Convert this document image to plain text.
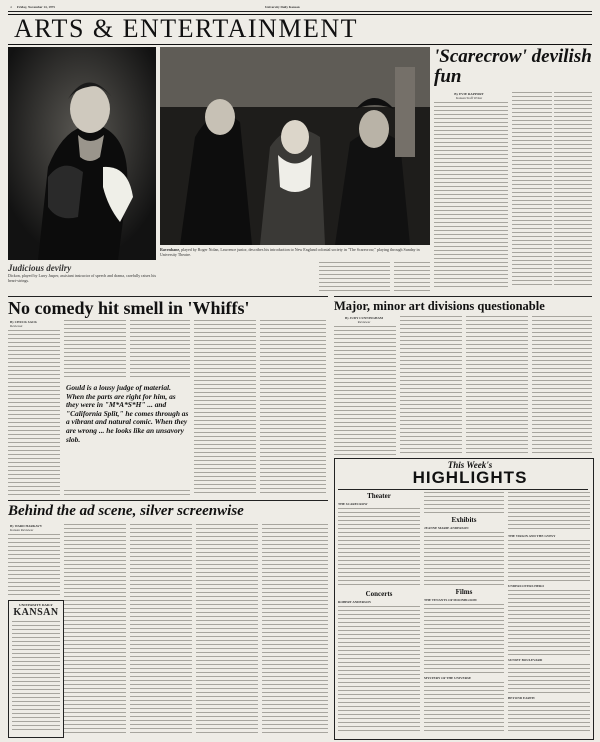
4 Friday, November 14, 1975	University Daily Kansan
ARTS & ENTERTAINMENT
Judicious devilry
Dickon, played by Larry Jasper, assistant instructor of speech and drama, carefully raises his heart-strings.
Ravenbane, played by Roger Nolan, Lawrence junior, describes his introduction to New England colonial society in "The Scarecrow," playing through Sunday in University Theatre.
'Scarecrow' devilish fun
By EVIE RAPPORT
Kansan Staff Writer
No comedy hit smell in 'Whiffs'
By CHUCK SACK
Reviewer
Gould is a lousy judge of material. When the parts are right for him, as they were in "M*A*S*H" ... and "California Split," he comes through as a vibrant and natural comic. When they are wrong ... he looks like an unsavory slob.
Major, minor art divisions questionable
By JUDY CUNNINGHAM
Reviewer
This Week's
HIGHLIGHTS
Theater
THE SCARECROW
Concerts
ROBERT ANDERSON
Exhibits
JEANNE MARIE ANDERSON
Films
THE TENANTS OF MOONBLOOM
MYSTERY OF THE UNIVERSE
THE VIRGIN AND THE GYPSY
UNDERCOVERS HERO
SUNSET BOULEVARD
BEYOND EARTH
Behind the ad scene, silver screenwise
By WARD HARKAVY
Kansan Reviewer
UNIVERSITY DAILY
KANSAN
